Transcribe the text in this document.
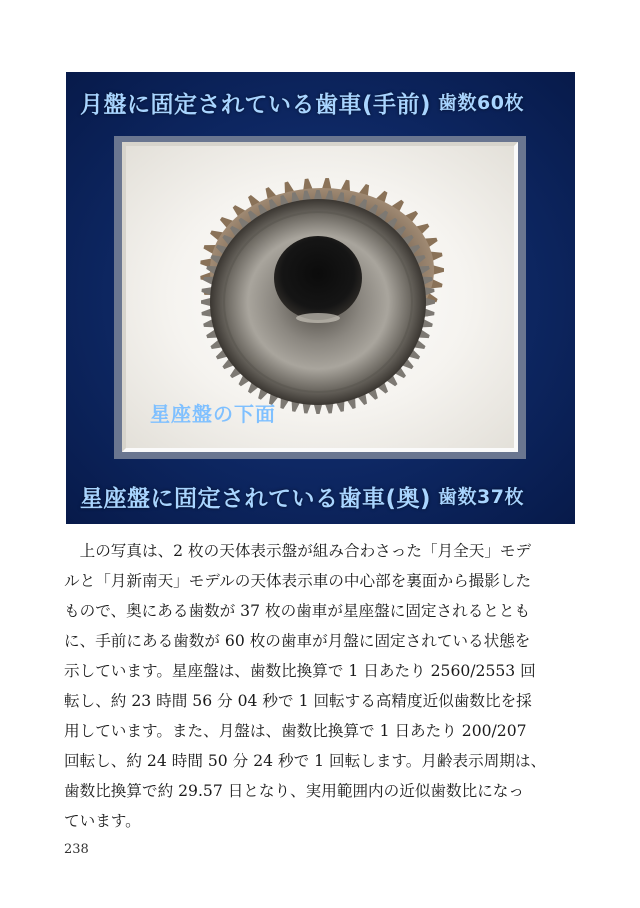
月盤に固定されている歯車(手前) 歯数60枚
星座盤の下面
星座盤に固定されている歯車(奥) 歯数37枚
上の写真は、2 枚の天体表示盤が組み合わさった「月全天」モデ
ルと「月新南天」モデルの天体表示車の中心部を裏面から撮影した
もので、奥にある歯数が 37 枚の歯車が星座盤に固定されるととも
に、手前にある歯数が 60 枚の歯車が月盤に固定されている状態を
示しています。星座盤は、歯数比換算で 1 日あたり 2560/2553 回
転し、約 23 時間 56 分 04 秒で 1 回転する高精度近似歯数比を採
用しています。また、月盤は、歯数比換算で 1 日あたり 200/207
回転し、約 24 時間 50 分 24 秒で 1 回転します。月齢表示周期は、
歯数比換算で約 29.57 日となり、実用範囲内の近似歯数比になっ
ています。
238
